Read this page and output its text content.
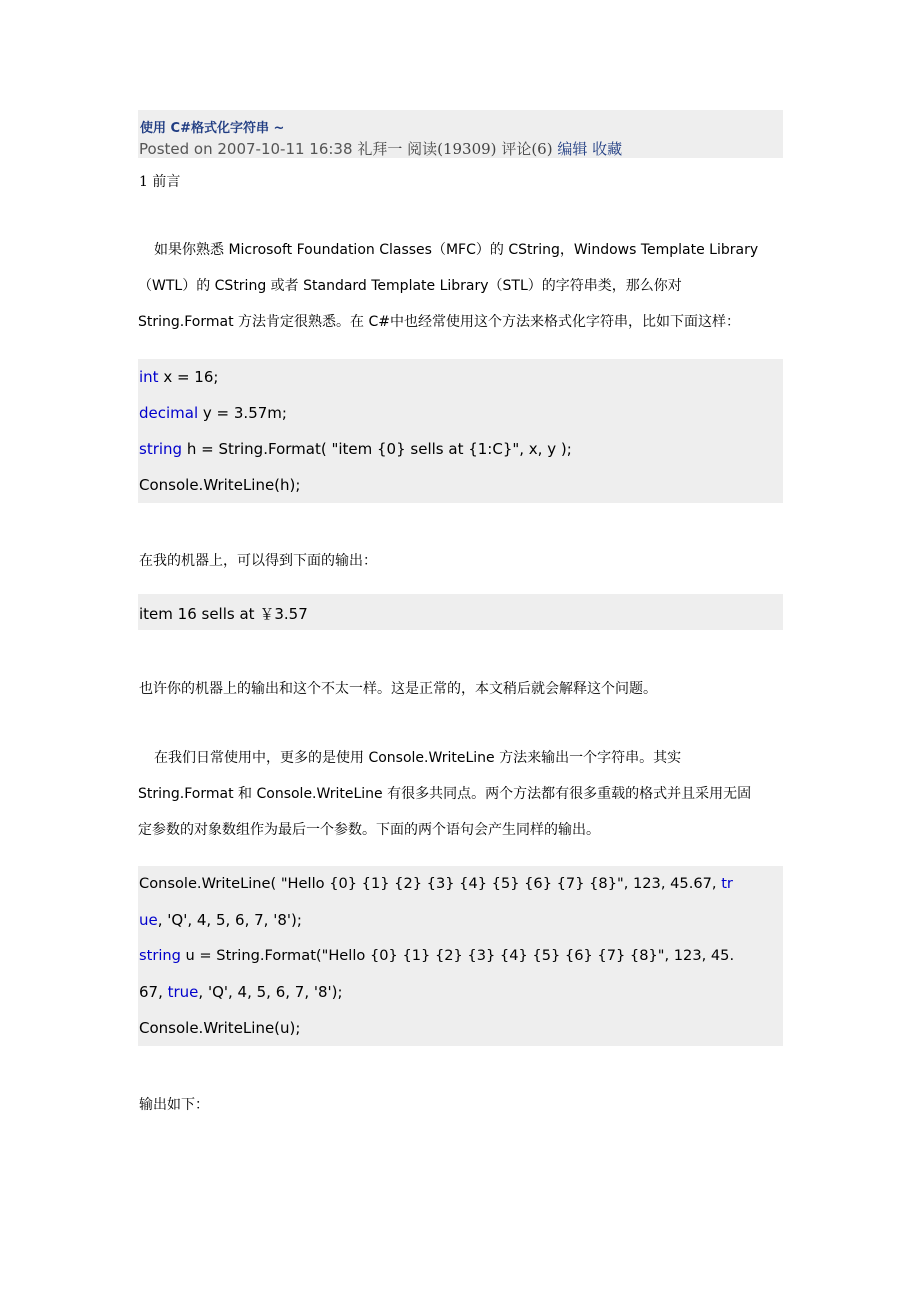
使用 C#格式化字符串 ~
Posted on 2007-10-11 16:38 礼拜一 阅读(19309) 评论(6) 编辑 收藏
1 前言
如果你熟悉 Microsoft Foundation Classes（MFC）的 CString，Windows Template Library
（WTL）的 CString 或者 Standard Template Library（STL）的字符串类，那么你对
String.Format 方法肯定很熟悉。在 C#中也经常使用这个方法来格式化字符串，比如下面这样：
int x = 16;
decimal y = 3.57m;
string h = String.Format( "item {0} sells at {1:C}", x, y );
Console.WriteLine(h);
在我的机器上，可以得到下面的输出：
item 16 sells at ￥3.57
也许你的机器上的输出和这个不太一样。这是正常的，本文稍后就会解释这个问题。
在我们日常使用中，更多的是使用 Console.WriteLine 方法来输出一个字符串。其实
String.Format 和 Console.WriteLine 有很多共同点。两个方法都有很多重载的格式并且采用无固
定参数的对象数组作为最后一个参数。下面的两个语句会产生同样的输出。
Console.WriteLine( "Hello {0} {1} {2} {3} {4} {5} {6} {7} {8}", 123, 45.67, tr
ue, 'Q', 4, 5, 6, 7, '8');
string u = String.Format("Hello {0} {1} {2} {3} {4} {5} {6} {7} {8}", 123, 45.
67, true, 'Q', 4, 5, 6, 7, '8');
Console.WriteLine(u);
输出如下：
